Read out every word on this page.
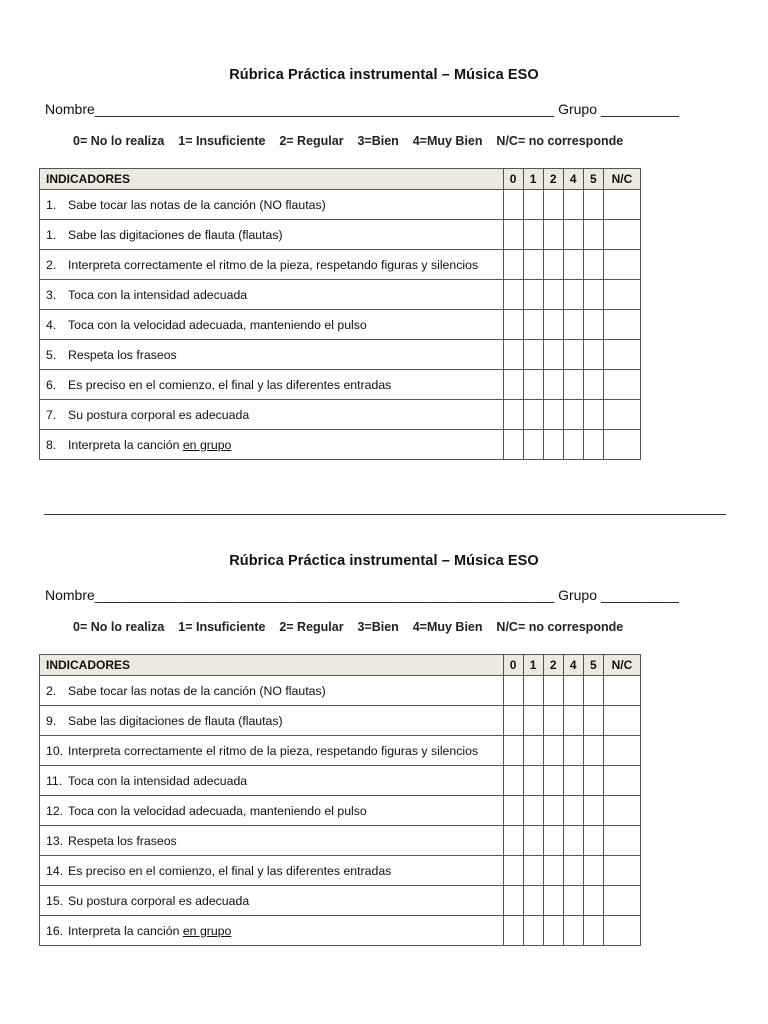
Rúbrica Práctica instrumental – Música ESO
Nombre___________________________________________________________ Grupo __________
0= No lo realiza    1= Insuficiente    2= Regular    3=Bien    4=Muy Bien    N/C= no corresponde
INDICADORES	0	1	2	4	5	N/C
1. Sabe tocar las notas de la canción (NO flautas)						
1. Sabe las digitaciones de flauta (flautas)						
2. Interpreta correctamente el ritmo de la pieza, respetando figuras y silencios						
3. Toca con la intensidad adecuada						
4. Toca con la velocidad adecuada, manteniendo el pulso						
5. Respeta los fraseos						
6. Es preciso en el comienzo, el final y las diferentes entradas						
7. Su postura corporal es adecuada						
8. Interpreta la canción en grupo						
Rúbrica Práctica instrumental – Música ESO
Nombre___________________________________________________________ Grupo __________
0= No lo realiza    1= Insuficiente    2= Regular    3=Bien    4=Muy Bien    N/C= no corresponde
INDICADORES	0	1	2	4	5	N/C
2. Sabe tocar las notas de la canción (NO flautas)						
9. Sabe las digitaciones de flauta (flautas)						
10. Interpreta correctamente el ritmo de la pieza, respetando figuras y silencios						
11. Toca con la intensidad adecuada						
12. Toca con la velocidad adecuada, manteniendo el pulso						
13. Respeta los fraseos						
14. Es preciso en el comienzo, el final y las diferentes entradas						
15. Su postura corporal es adecuada						
16. Interpreta la canción en grupo						
